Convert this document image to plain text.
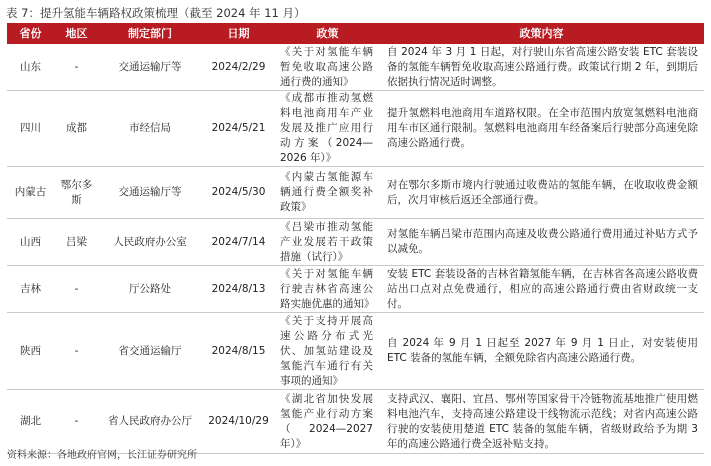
表 7：提升氢能车辆路权政策梳理（截至 2024 年 11 月）
省份	地区	制定部门	日期	政策	政策内容
山东	-	交通运输厅等	2024/2/29	《关于对氢能车辆暂免收取高速公路通行费的通知》	自 2024 年 3 月 1 日起，对行驶山东省高速公路安装 ETC 套装设备的氢能车辆暂免收取高速公路通行费。政策试行期 2 年，到期后依据执行情况适时调整。
四川	成都	市经信局	2024/5/21	《成都市推动氢燃料电池商用车产业发展及推广应用行动方案（2024—2026 年）》	提升氢燃料电池商用车道路权限。在全市范围内放宽氢燃料电池商用车市区通行限制。氢燃料电池商用车经备案后行驶部分高速免除高速公路通行费。
内蒙古	鄂尔多斯	交通运输厅等	2024/5/30	《内蒙古氢能源车辆通行费全额奖补政策》	对在鄂尔多斯市境内行驶通过收费站的氢能车辆，在收取收费金额后，次月审核后返还全部通行费。
山西	吕梁	人民政府办公室	2024/7/14	《吕梁市推动氢能产业发展若干政策措施（试行）》	对氢能车辆吕梁市范围内高速及收费公路通行费用通过补贴方式予以减免。
吉林	-	厅公路处	2024/8/13	《关于对氢能车辆行驶吉林省高速公路实施优惠的通知》	安装 ETC 套装设备的吉林省籍氢能车辆，在吉林省各高速公路收费站出口点对点免费通行，相应的高速公路通行费由省财政统一支付。
陕西	-	省交通运输厅	2024/8/15	《关于支持开展高速公路分布式光伏、加氢站建设及氢能汽车通行有关事项的通知》	自 2024 年 9 月 1 日起至 2027 年 9 月 1 日止，对安装使用 ETC 装备的氢能车辆，全额免除省内高速公路通行费。
湖北	-	省人民政府办公厅	2024/10/29	《湖北省加快发展氢能产业行动方案（2024—2027 年）》	支持武汉、襄阳、宜昌、鄂州等国家骨干冷链物流基地推广使用燃料电池汽车，支持高速公路建设干线物流示范线；对省内高速公路行驶的安装使用楚道 ETC 装备的氢能车辆，省级财政给予为期 3 年的高速公路通行费全返补贴支持。
资料来源：各地政府官网，长江证券研究所
